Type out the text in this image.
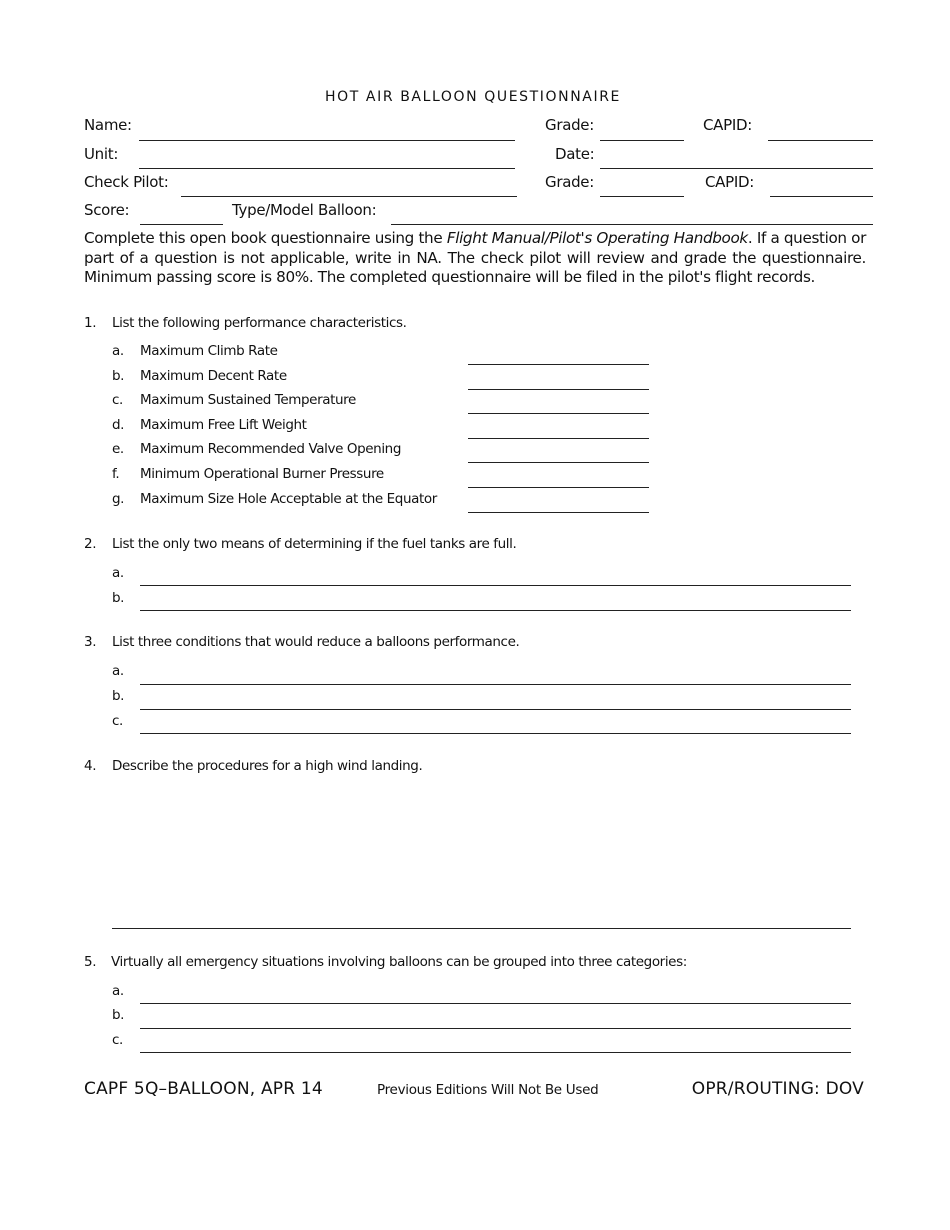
HOT AIR BALLOON QUESTIONNAIRE
Name:	Grade:	CAPID:
Unit:	Date:
Check Pilot:	Grade:	CAPID:
Score:	Type/Model Balloon:
Complete this open book questionnaire using the Flight Manual/Pilot's Operating Handbook. If a question or part of a question is not applicable, write in NA. The check pilot will review and grade the questionnaire. Minimum passing score is 80%. The completed questionnaire will be filed in the pilot's flight records.
1. List the following performance characteristics.
a. Maximum Climb Rate
b. Maximum Decent Rate
c. Maximum Sustained Temperature
d. Maximum Free Lift Weight
e. Maximum Recommended Valve Opening
f. Minimum Operational Burner Pressure
g. Maximum Size Hole Acceptable at the Equator
2. List the only two means of determining if the fuel tanks are full.
a.
b.
3. List three conditions that would reduce a balloons performance.
a.
b.
c.
4. Describe the procedures for a high wind landing.
5. Virtually all emergency situations involving balloons can be grouped into three categories:
a.
b.
c.
CAPF 5Q–BALLOON, APR 14	Previous Editions Will Not Be Used	OPR/ROUTING: DOV
